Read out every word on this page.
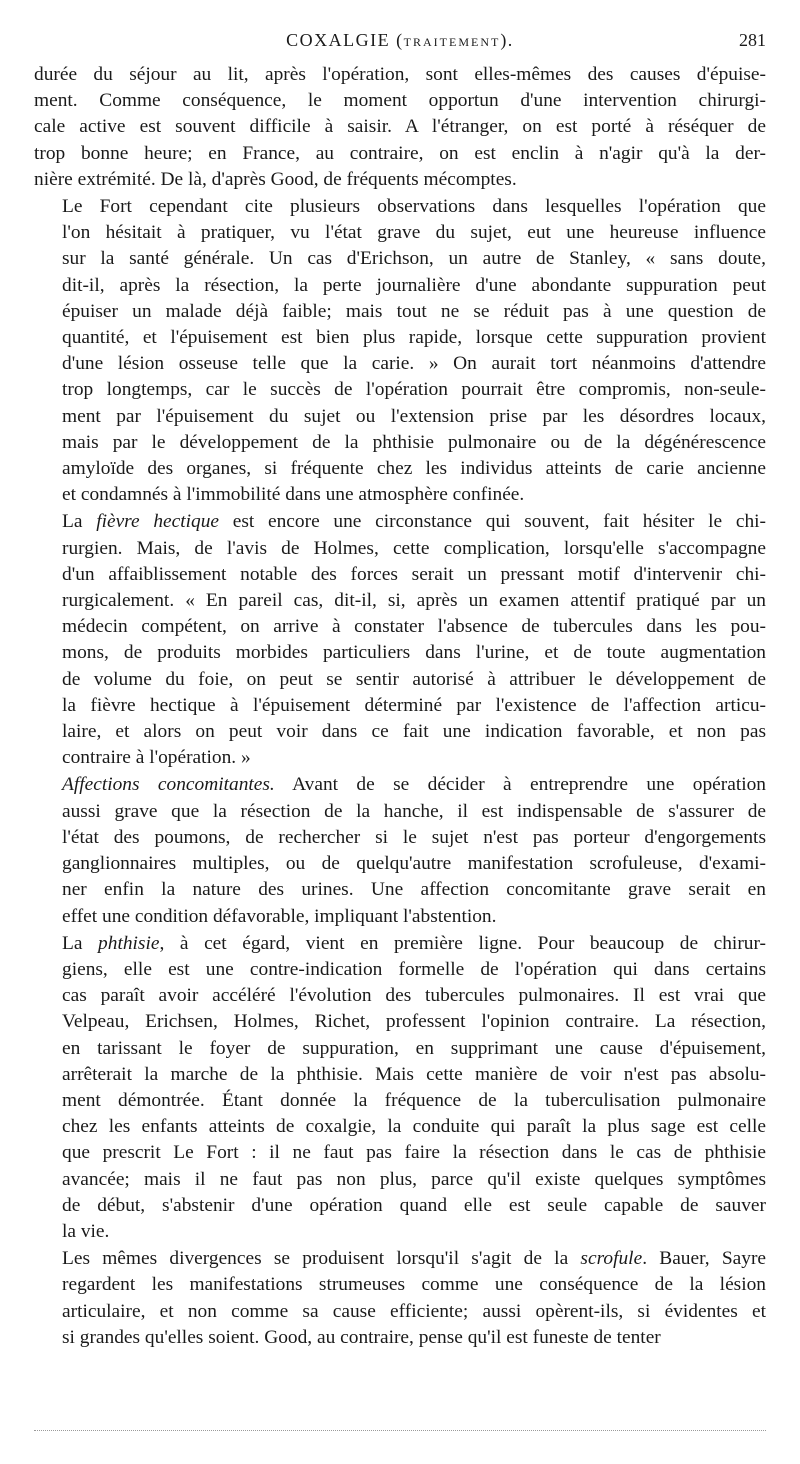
COXALGIE (TRAITEMENT).	281

durée du séjour au lit, après l'opération, sont elles-mêmes des causes d'épuise-
ment. Comme conséquence, le moment opportun d'une intervention chirurgi-
cale active est souvent difficile à saisir. A l'étranger, on est porté à réséquer de
trop bonne heure; en France, au contraire, on est enclin à n'agir qu'à la der-
nière extrémité. De là, d'après Good, de fréquents mécomptes.

Le Fort cependant cite plusieurs observations dans lesquelles l'opération que
l'on hésitait à pratiquer, vu l'état grave du sujet, eut une heureuse influence
sur la santé générale. Un cas d'Erichson, un autre de Stanley, « sans doute,
dit-il, après la résection, la perte journalière d'une abondante suppuration peut
épuiser un malade déjà faible; mais tout ne se réduit pas à une question de
quantité, et l'épuisement est bien plus rapide, lorsque cette suppuration provient
d'une lésion osseuse telle que la carie. » On aurait tort néanmoins d'attendre
trop longtemps, car le succès de l'opération pourrait être compromis, non-seule-
ment par l'épuisement du sujet ou l'extension prise par les désordres locaux,
mais par le développement de la phthisie pulmonaire ou de la dégénérescence
amyloïde des organes, si fréquente chez les individus atteints de carie ancienne
et condamnés à l'immobilité dans une atmosphère confinée.

La fièvre hectique est encore une circonstance qui souvent, fait hésiter le chi-
rurgien. Mais, de l'avis de Holmes, cette complication, lorsqu'elle s'accompagne
d'un affaiblissement notable des forces serait un pressant motif d'intervenir chi-
rurgicalement. « En pareil cas, dit-il, si, après un examen attentif pratiqué par un
médecin compétent, on arrive à constater l'absence de tubercules dans les pou-
mons, de produits morbides particuliers dans l'urine, et de toute augmentation
de volume du foie, on peut se sentir autorisé à attribuer le développement de
la fièvre hectique à l'épuisement déterminé par l'existence de l'affection articu-
laire, et alors on peut voir dans ce fait une indication favorable, et non pas
contraire à l'opération. »

Affections concomitantes. Avant de se décider à entreprendre une opération
aussi grave que la résection de la hanche, il est indispensable de s'assurer de
l'état des poumons, de rechercher si le sujet n'est pas porteur d'engorgements
ganglionnaires multiples, ou de quelqu'autre manifestation scrofuleuse, d'exami-
ner enfin la nature des urines. Une affection concomitante grave serait en
effet une condition défavorable, impliquant l'abstention.

La phthisie, à cet égard, vient en première ligne. Pour beaucoup de chirur-
giens, elle est une contre-indication formelle de l'opération qui dans certains
cas paraît avoir accéléré l'évolution des tubercules pulmonaires. Il est vrai que
Velpeau, Erichsen, Holmes, Richet, professent l'opinion contraire. La résection,
en tarissant le foyer de suppuration, en supprimant une cause d'épuisement,
arrêterait la marche de la phthisie. Mais cette manière de voir n'est pas absolu-
ment démontrée. Étant donnée la fréquence de la tuberculisation pulmonaire
chez les enfants atteints de coxalgie, la conduite qui paraît la plus sage est celle
que prescrit Le Fort : il ne faut pas faire la résection dans le cas de phthisie
avancée; mais il ne faut pas non plus, parce qu'il existe quelques symptômes
de début, s'abstenir d'une opération quand elle est seule capable de sauver
la vie.

Les mêmes divergences se produisent lorsqu'il s'agit de la scrofule. Bauer, Sayre
regardent les manifestations strumeuses comme une conséquence de la lésion
articulaire, et non comme sa cause efficiente; aussi opèrent-ils, si évidentes et
si grandes qu'elles soient. Good, au contraire, pense qu'il est funeste de tenter
